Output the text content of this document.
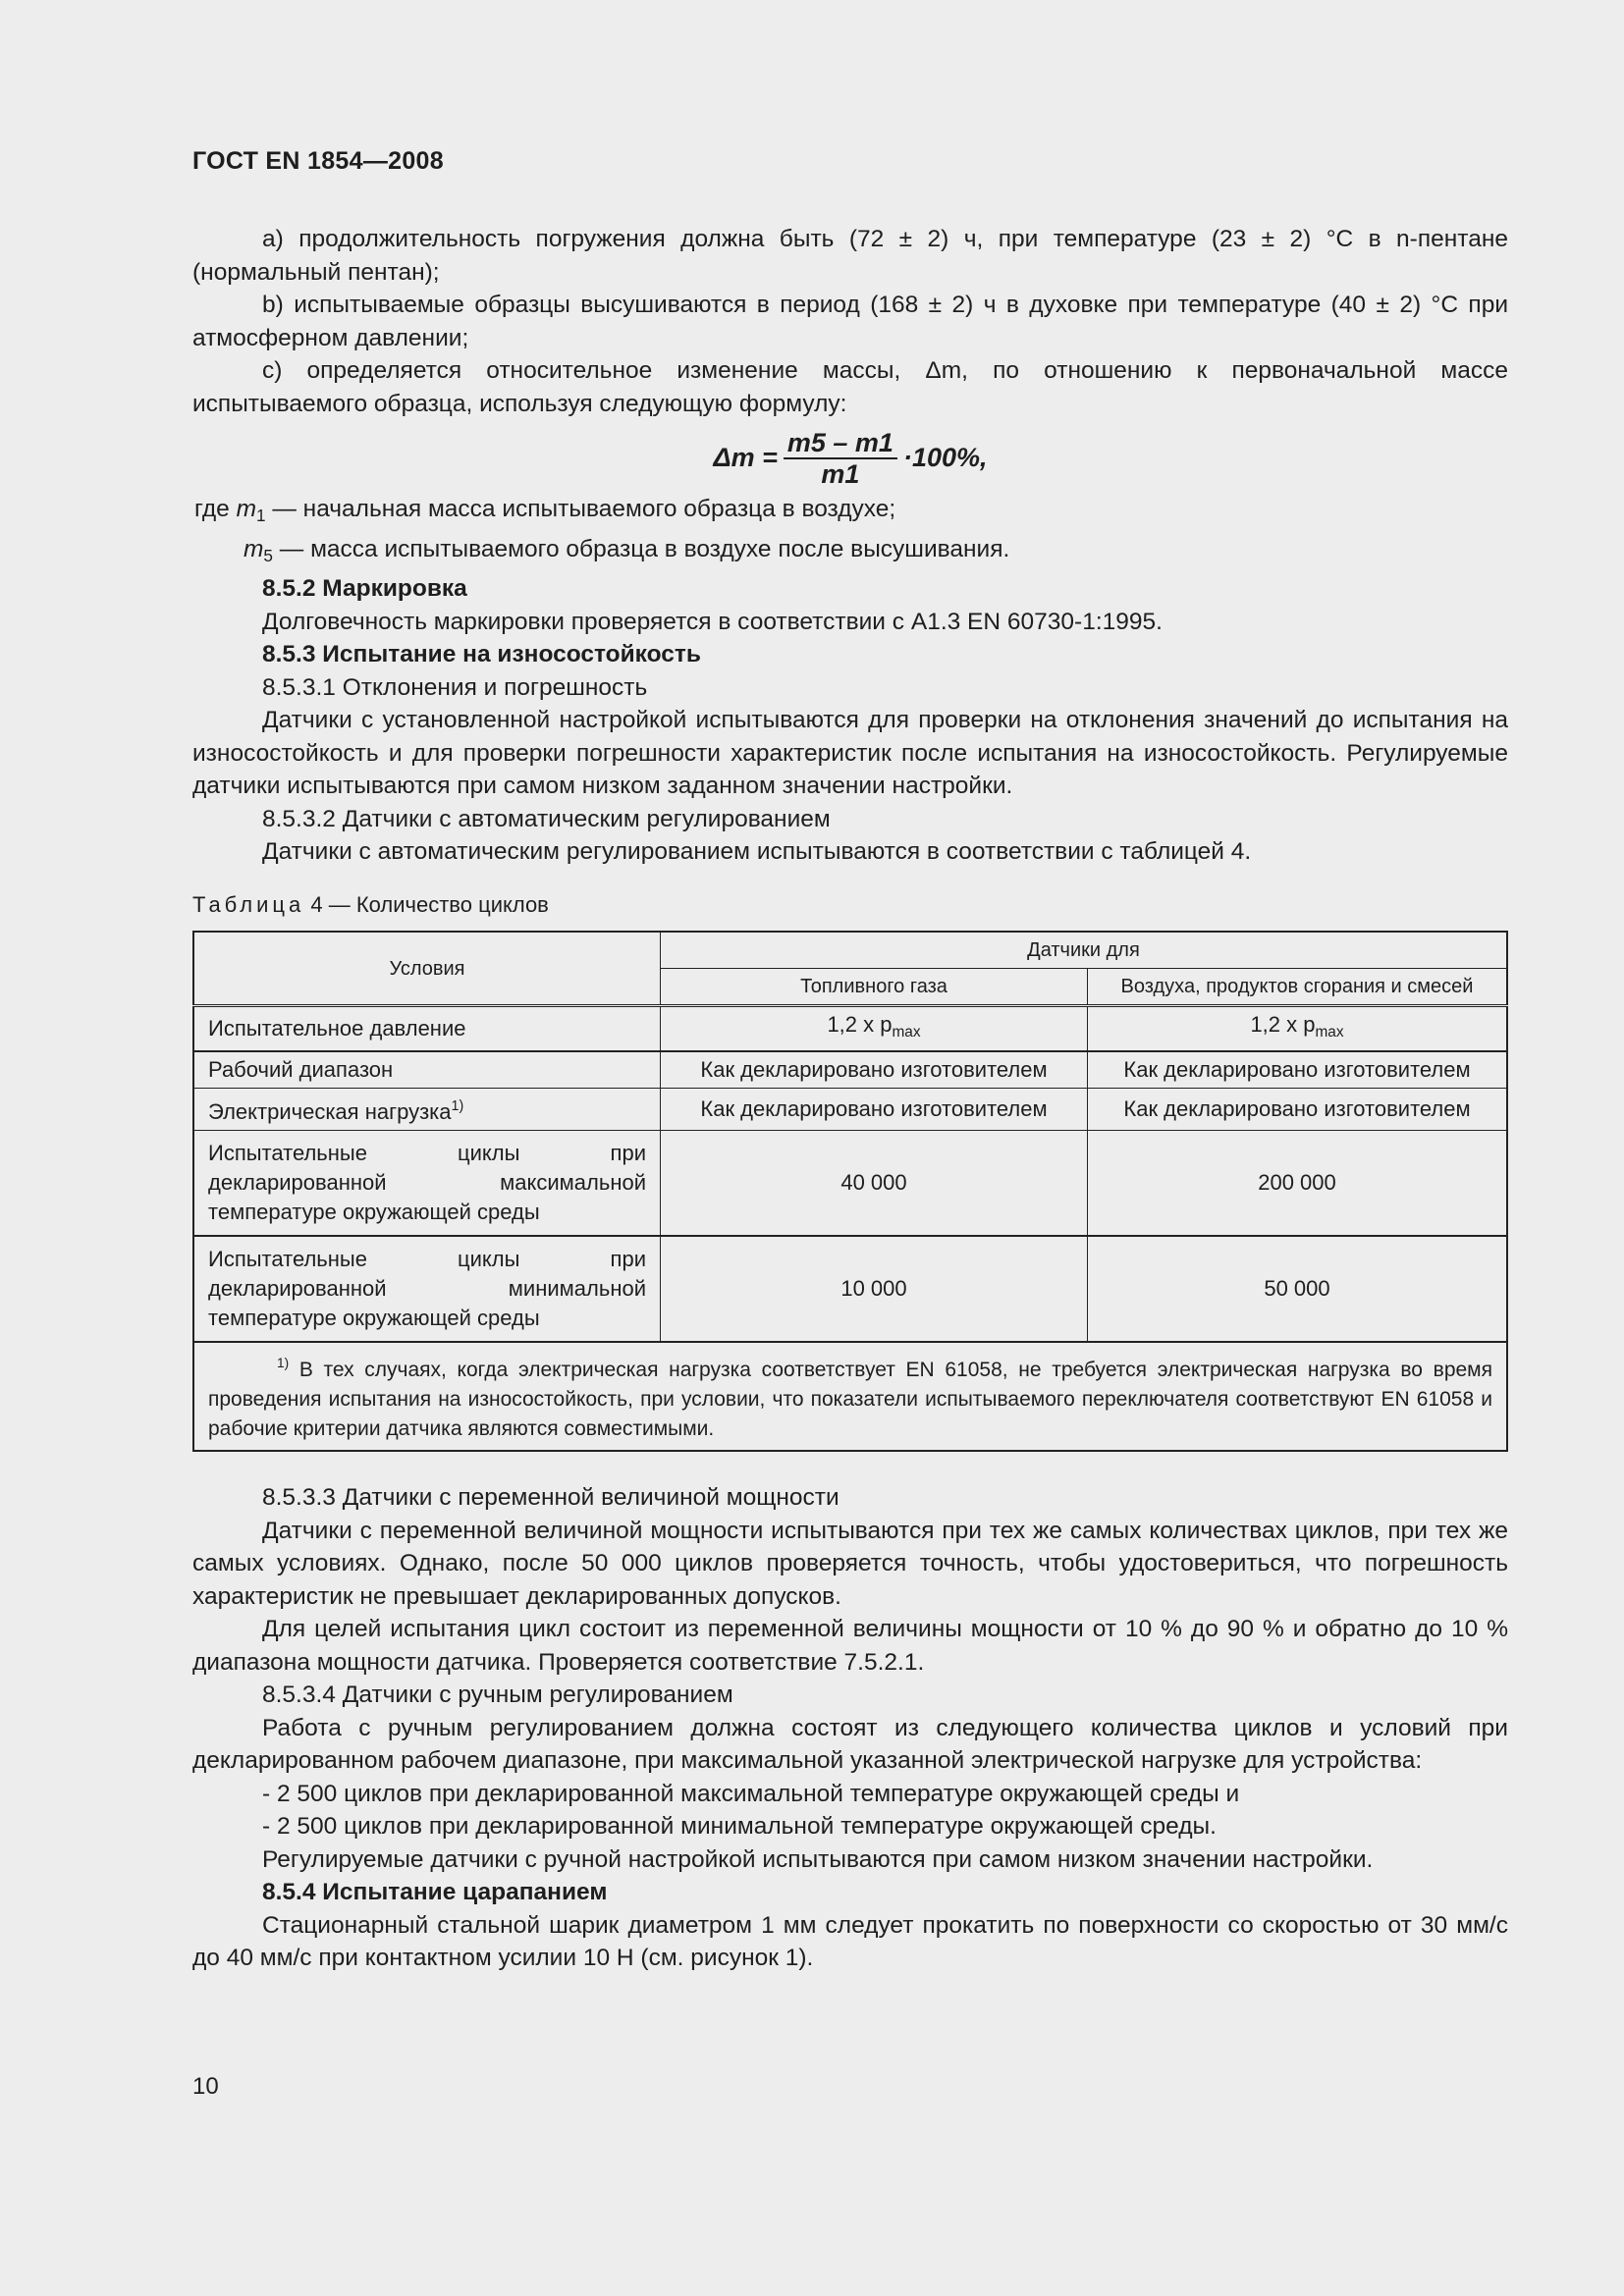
ГОСТ EN 1854—2008

a) продолжительность погружения должна быть (72 ± 2) ч, при температуре (23 ± 2) °С в n-пентане (нормальный пентан);

b) испытываемые образцы высушиваются в период (168 ± 2) ч в духовке при температуре (40 ± 2) °С при атмосферном давлении;

c) определяется относительное изменение массы, Δm, по отношению к первоначальной массе испытываемого образца, используя следующую формулу:

$\Delta m = \frac{m5 - m1}{m1} \cdot 100\%$,

где $m_1$ — начальная масса испытываемого образца в воздухе;

$m_5$ — масса испытываемого образца в воздухе после высушивания.

8.5.2 Маркировка

Долговечность маркировки проверяется в соответствии с А1.3 EN 60730-1:1995.

8.5.3 Испытание на износостойкость

8.5.3.1 Отклонения и погрешность

Датчики с установленной настройкой испытываются для проверки на отклонения значений до испытания на износостойкость и для проверки погрешности характеристик после испытания на износостойкость. Регулируемые датчики испытываются при самом низком заданном значении настройки.

8.5.3.2 Датчики с автоматическим регулированием

Датчики с автоматическим регулированием испытываются в соответствии с таблицей 4.

Таблица 4 — Количество циклов
Условия	Датчики для	
	Топливного газа	Воздуха, продуктов сгорания и смесей
Испытательное давление	1,2 x $p_{max}$	1,2 x $p_{max}$
Рабочий диапазон	Как декларировано изготовителем	Как декларировано изготовителем
Электрическая нагрузка$^{1)}$	Как декларировано изготовителем	Как декларировано изготовителем
Испытательные циклы при декларированной максимальной температуре окружающей среды	40 000	200 000
Испытательные циклы при декларированной минимальной температуре окружающей среды	10 000	50 000
$^{1)}$ В тех случаях, когда электрическая нагрузка соответствует EN 61058, не требуется электрическая нагрузка во время проведения испытания на износостойкость, при условии, что показатели испытываемого переключателя соответствуют EN 61058 и рабочие критерии датчика являются совместимыми.		

8.5.3.3 Датчики с переменной величиной мощности

Датчики с переменной величиной мощности испытываются при тех же самых количествах циклов, при тех же самых условиях. Однако, после 50 000 циклов проверяется точность, чтобы удостовериться, что погрешность характеристик не превышает декларированных допусков.

Для целей испытания цикл состоит из переменной величины мощности от 10 % до 90 % и обратно до 10 % диапазона мощности датчика. Проверяется соответствие 7.5.2.1.

8.5.3.4 Датчики с ручным регулированием

Работа с ручным регулированием должна состоят из следующего количества циклов и условий при декларированном рабочем диапазоне, при максимальной указанной электрической нагрузке для устройства:

- 2 500 циклов при декларированной максимальной температуре окружающей среды и

- 2 500 циклов при декларированной минимальной температуре окружающей среды.

Регулируемые датчики с ручной настройкой испытываются при самом низком значении настройки.

8.5.4 Испытание царапанием

Стационарный стальной шарик диаметром 1 мм следует прокатить по поверхности со скоростью от 30 мм/с до 40 мм/с при контактном усилии 10 Н (см. рисунок 1).

10
